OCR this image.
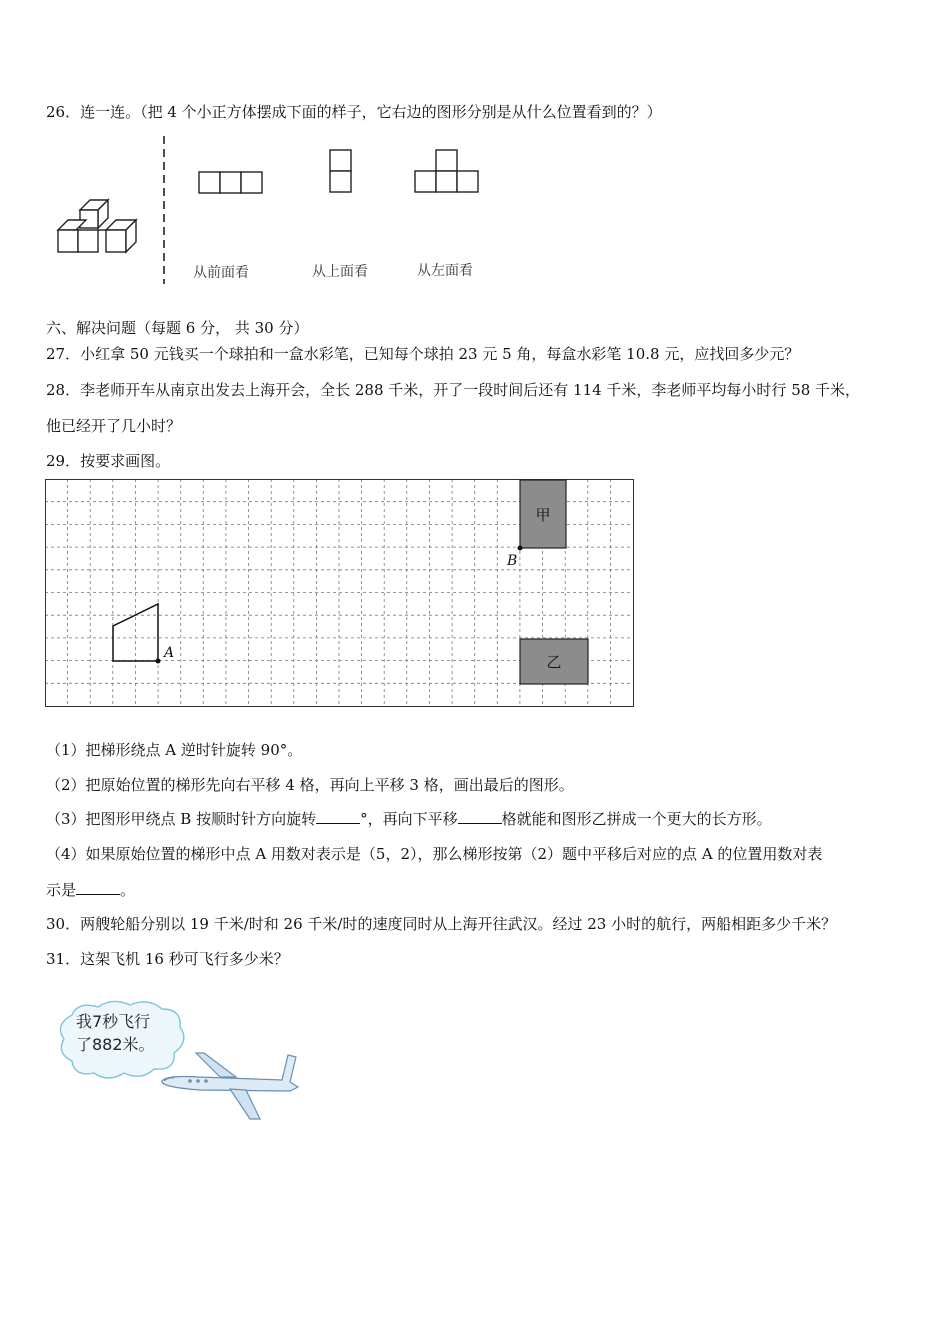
26．连一连。（把 4 个小正方体摆成下面的样子，它右边的图形分别是从什么位置看到的？）
从前面看	从上面看	从左面看
六、解决问题（每题 6 分， 共 30 分）
27．小红拿 50 元钱买一个球拍和一盒水彩笔，已知每个球拍 23 元 5 角，每盒水彩笔 10.8 元，应找回多少元？
28．李老师开车从南京出发去上海开会，全长 288 千米，开了一段时间后还有 114 千米，李老师平均每小时行 58 千米，
他已经开了几小时？
29．按要求画图。
A
甲
B
乙
（1）把梯形绕点 A 逆时针旋转 90°。
（2）把原始位置的梯形先向右平移 4 格，再向上平移 3 格，画出最后的图形。
（3）把图形甲绕点 B 按顺时针方向旋转	°，再向下平移	格就能和图形乙拼成一个更大的长方形。
（4）如果原始位置的梯形中点 A 用数对表示是（5，2），那么梯形按第（2）题中平移后对应的点 A 的位置用数对表
示是	。
30．两艘轮船分别以 19 千米/时和 26 千米/时的速度同时从上海开往武汉。经过 23 小时的航行，两船相距多少千米？
31．这架飞机 16 秒可飞行多少米？
我7秒飞行
了882米。
